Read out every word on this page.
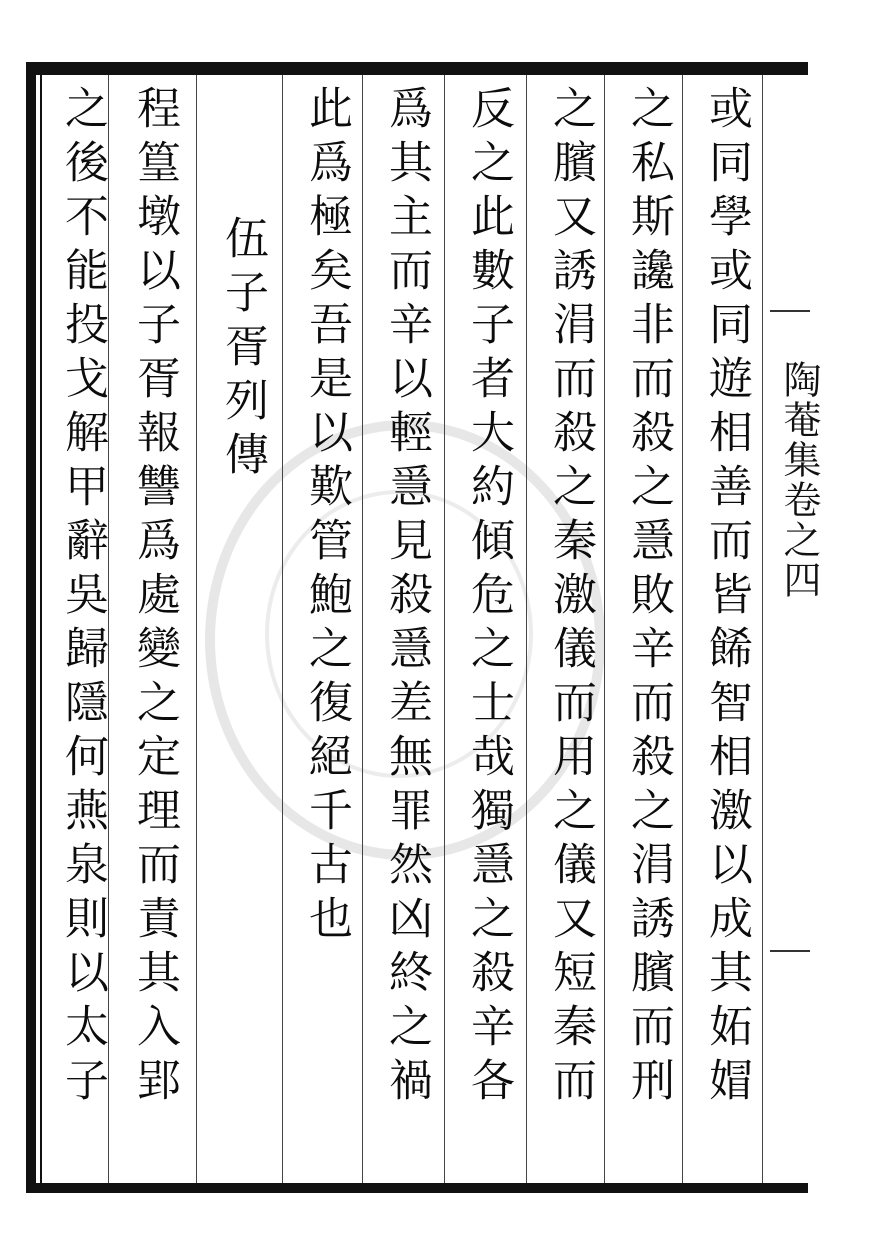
陶菴集卷之四
或同學或同遊相善而皆餙智相激以成其妬媢
之私斯讒非而殺之㥯敗辛而殺之涓誘臏而刑
之臏又誘涓而殺之秦激儀而用之儀又短秦而
反之此數子者大約傾危之士哉獨㥯之殺辛各
爲其主而辛以輕㥯見殺㥯差無罪然凶終之禍
此爲極矣吾是以歎管鮑之復絕千古也
伍子胥列傳
程篁墩以子胥報讐爲處變之定理而責其入郢
之後不能投戈解甲辭吳歸隱何燕泉則以太子
